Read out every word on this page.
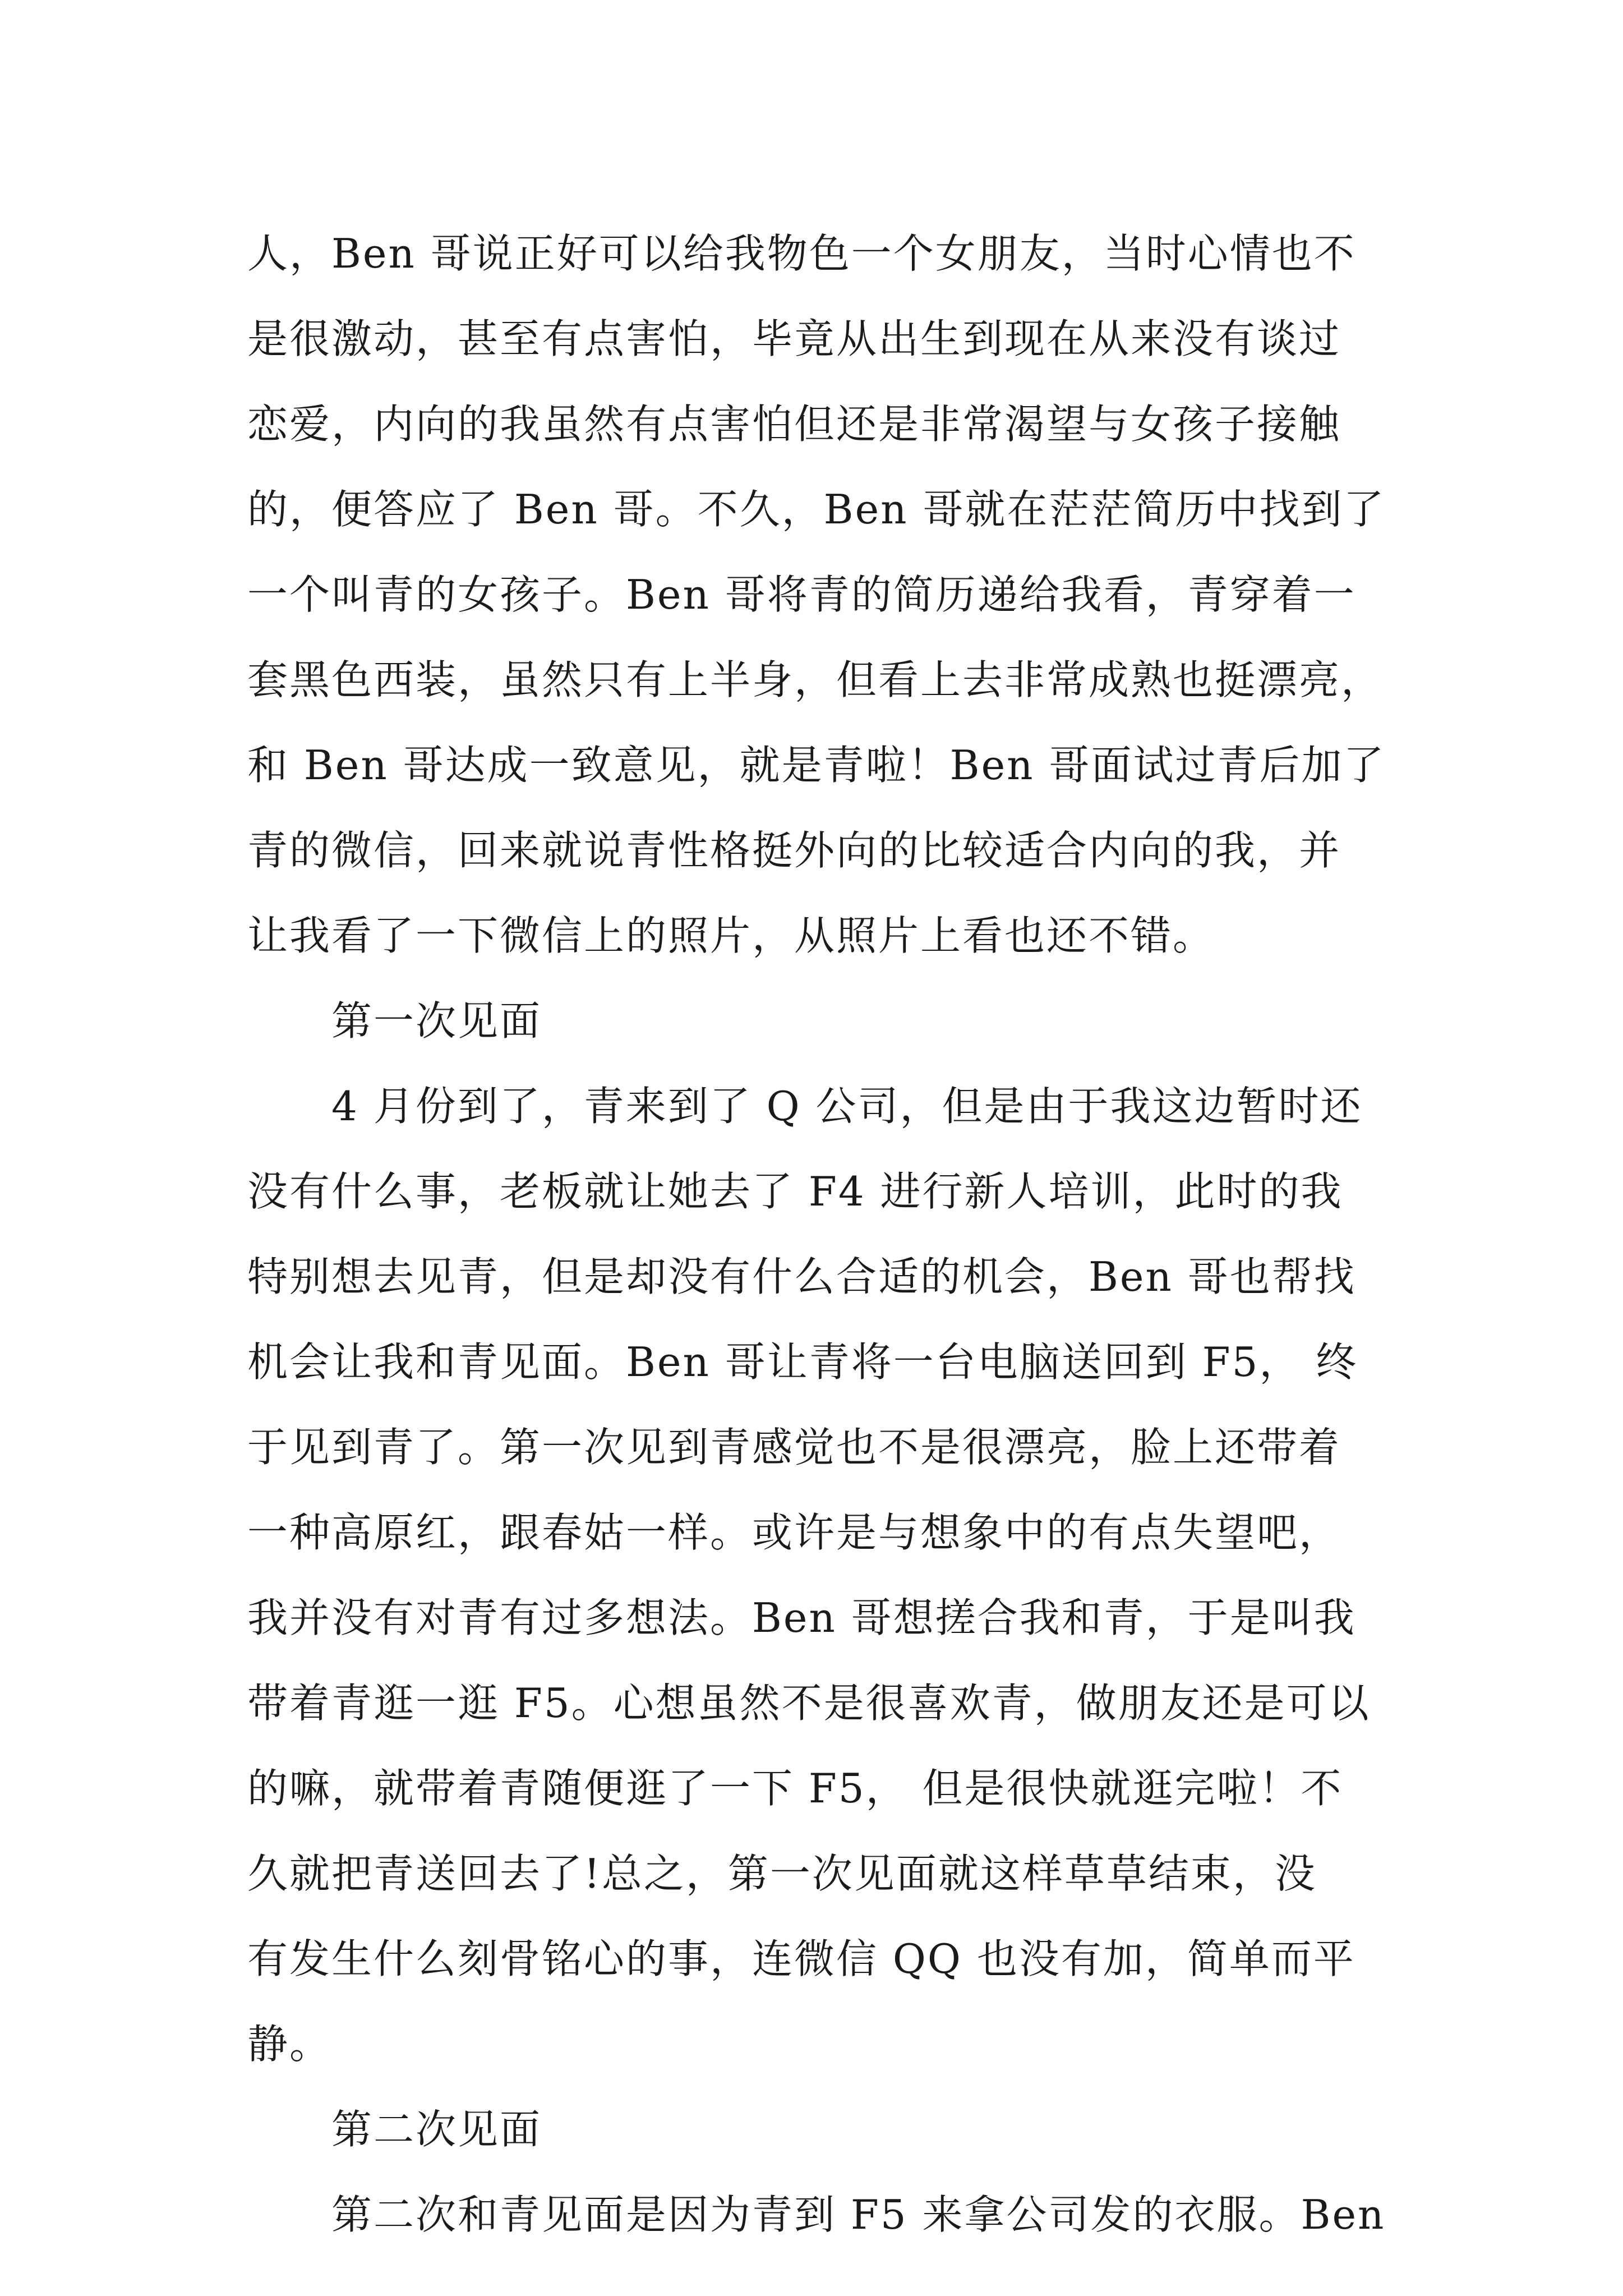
人，Ben 哥说正好可以给我物色一个女朋友，当时心情也不
是很激动，甚至有点害怕，毕竟从出生到现在从来没有谈过
恋爱，内向的我虽然有点害怕但还是非常渴望与女孩子接触
的，便答应了 Ben 哥。不久，Ben 哥就在茫茫简历中找到了
一个叫青的女孩子。Ben 哥将青的简历递给我看，青穿着一
套黑色西装，虽然只有上半身，但看上去非常成熟也挺漂亮，
和 Ben 哥达成一致意见，就是青啦！Ben 哥面试过青后加了
青的微信，回来就说青性格挺外向的比较适合内向的我，并
让我看了一下微信上的照片，从照片上看也还不错。
第一次见面
4 月份到了，青来到了 Q 公司，但是由于我这边暂时还
没有什么事，老板就让她去了 F4 进行新人培训，此时的我
特别想去见青，但是却没有什么合适的机会，Ben 哥也帮找
机会让我和青见面。Ben 哥让青将一台电脑送回到 F5， 终
于见到青了。第一次见到青感觉也不是很漂亮，脸上还带着
一种高原红，跟春姑一样。或许是与想象中的有点失望吧，
我并没有对青有过多想法。Ben 哥想搓合我和青，于是叫我
带着青逛一逛 F5。心想虽然不是很喜欢青，做朋友还是可以
的嘛，就带着青随便逛了一下 F5， 但是很快就逛完啦！不
久就把青送回去了!总之，第一次见面就这样草草结束，没
有发生什么刻骨铭心的事，连微信 QQ 也没有加，简单而平
静。
第二次见面
第二次和青见面是因为青到 F5 来拿公司发的衣服。Ben
